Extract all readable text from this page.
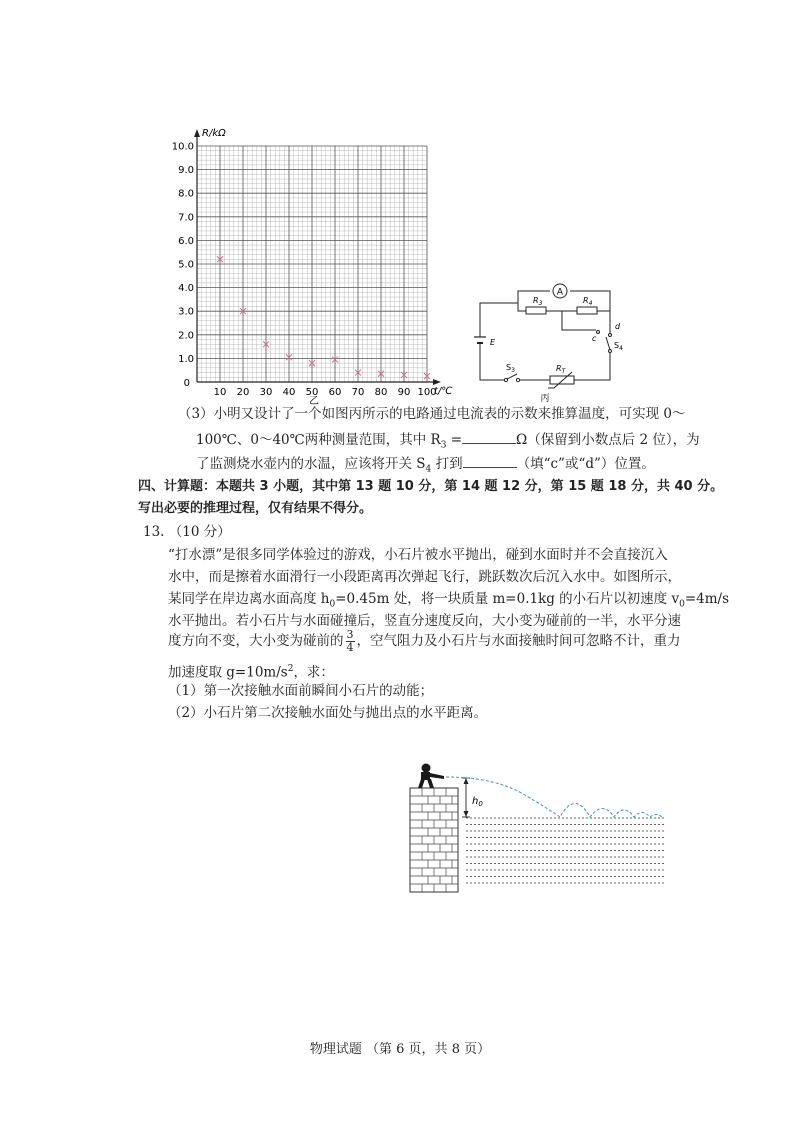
R/kΩ
t/℃
0
1.0
2.0
3.0
4.0
5.0
6.0
7.0
8.0
9.0
10.0
10 20 30 40 50 60 70 80 90 100
乙
A
$R_3$	$R_4$
E
$S_3$	$R_T$
d
c
$S_4$
丙
（3）小明又设计了一个如图丙所示的电路通过电流表的示数来推算温度，可实现 0～
100℃、0～40℃两种测量范围，其中 $R_3$ =	Ω（保留到小数点后 2 位），为
了监测烧水壶内的水温，应该将开关 $S_4$ 打到	（填“c”或“d”）位置。
四、计算题：本题共 3 小题，其中第 13 题 10 分，第 14 题 12 分，第 15 题 18 分，共 40 分。
写出必要的推理过程，仅有结果不得分。
13. （10 分）
“打水漂”是很多同学体验过的游戏，小石片被水平抛出，碰到水面时并不会直接沉入
水中，而是擦着水面滑行一小段距离再次弹起飞行，跳跃数次后沉入水中。如图所示，
某同学在岸边离水面高度 $h_0=0.45m$ 处，将一块质量 m=0.1kg 的小石片以初速度 $v_0=4m/s$
水平抛出。若小石片与水面碰撞后，竖直分速度反向，大小变为碰前的一半，水平分速
度方向不变，大小变为碰前的 $\frac{3}{4}$ ，空气阻力及小石片与水面接触时间可忽略不计，重力
加速度取 $g=10m/s^2$，求：
（1）第一次接触水面前瞬间小石片的动能；
（2）小石片第二次接触水面处与抛出点的水平距离。
$h_0$
物理试题 （第 6 页，共 8 页）
